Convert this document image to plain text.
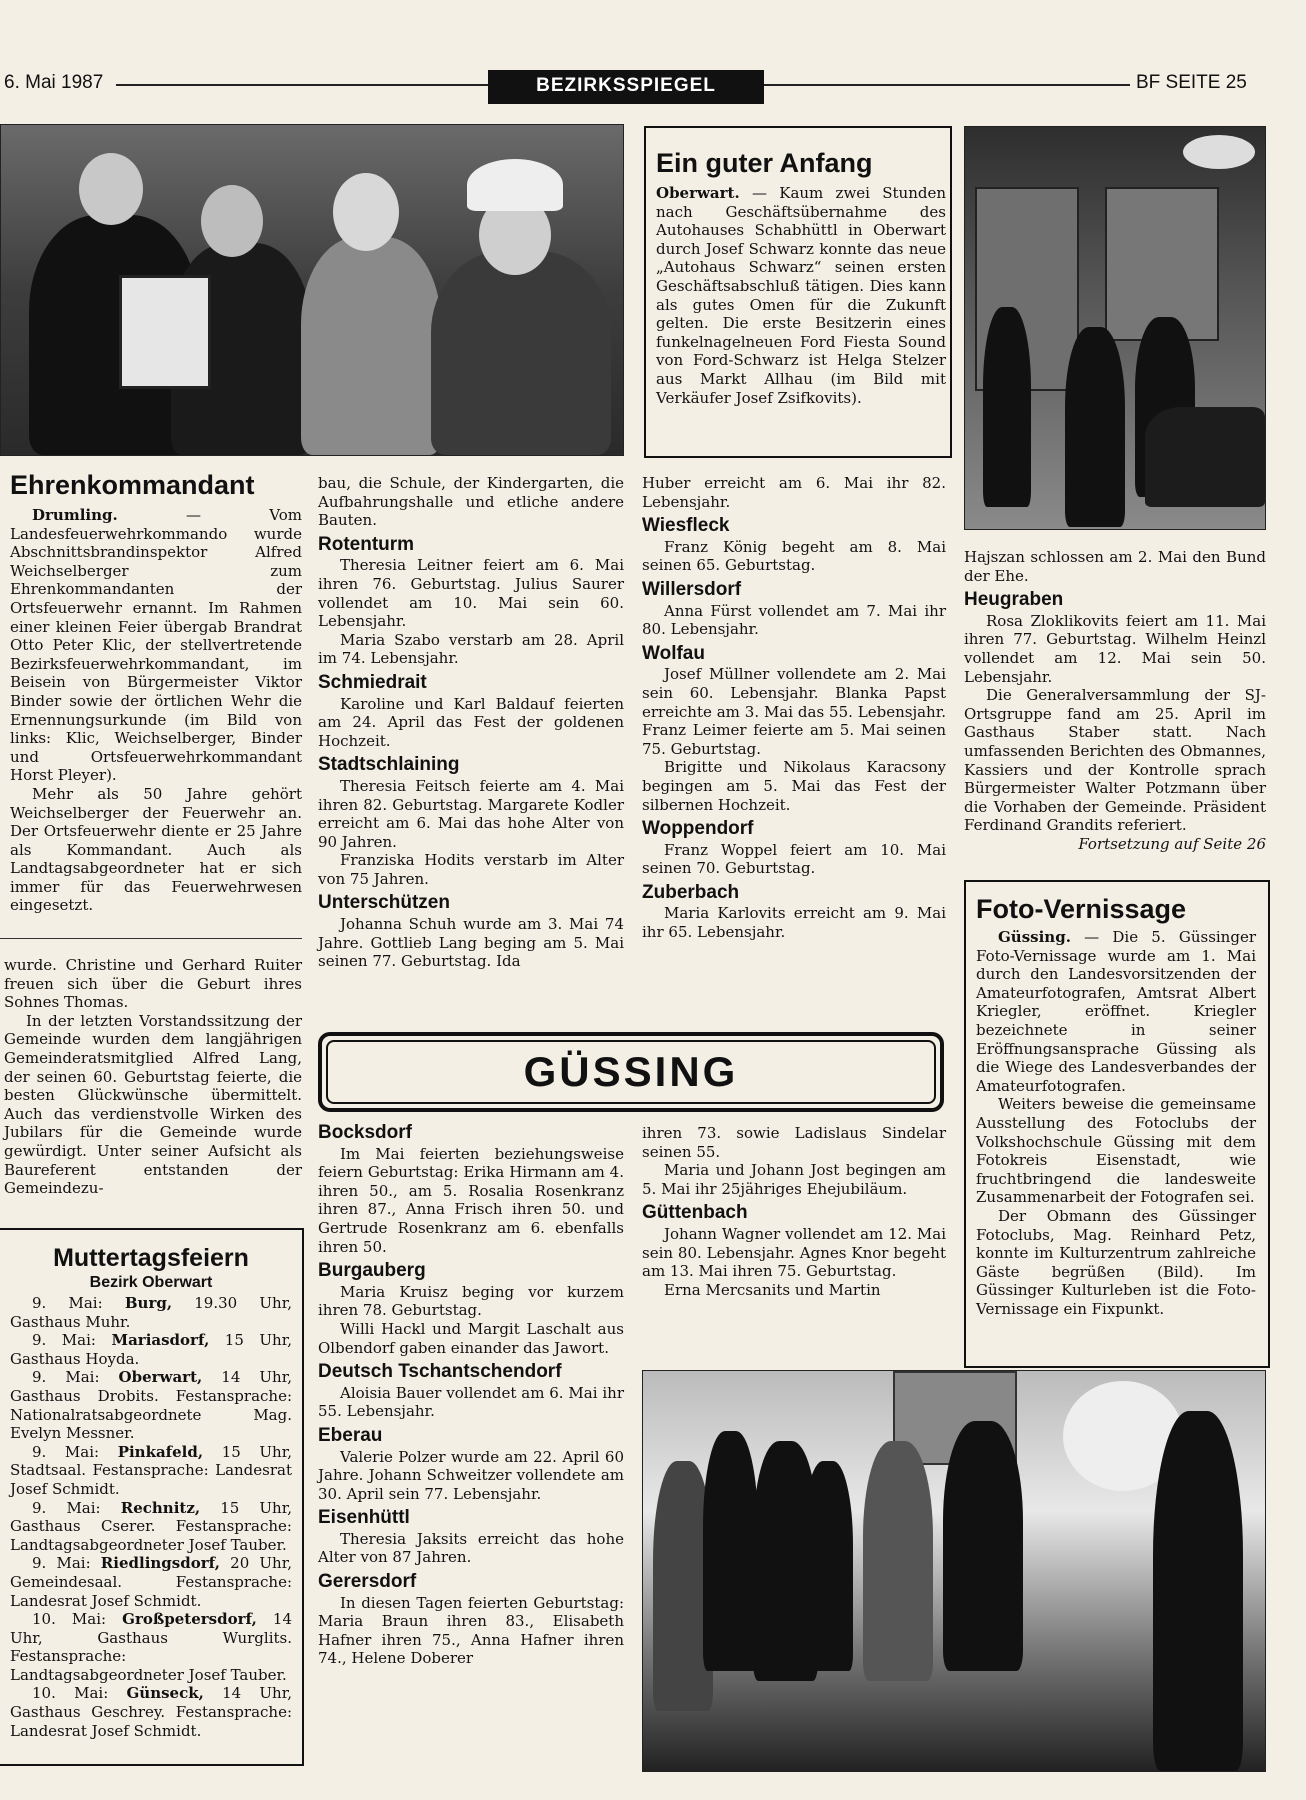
6. Mai 1987	BEZIRKSSPIEGEL	BF SEITE 25
Ein guter Anfang

Oberwart. — Kaum zwei Stunden nach Geschäftsübernahme des Autohauses Schabhüttl in Oberwart durch Josef Schwarz konnte das neue „Autohaus Schwarz“ seinen ersten Geschäftsabschluß tätigen. Dies kann als gutes Omen für die Zukunft gelten. Die erste Besitzerin eines funkelnagelneuen Ford Fiesta Sound von Ford-Schwarz ist Helga Stelzer aus Markt Allhau (im Bild mit Verkäufer Josef Zsifkovits).

Ehrenkommandant

Drumling. — Vom Landesfeuerwehrkommando wurde Abschnittsbrandinspektor Alfred Weichselberger zum Ehrenkommandanten der Ortsfeuerwehr ernannt. Im Rahmen einer kleinen Feier übergab Brandrat Otto Peter Klic, der stellvertretende Bezirksfeuerwehrkommandant, im Beisein von Bürgermeister Viktor Binder sowie der örtlichen Wehr die Ernennungsurkunde (im Bild von links: Klic, Weichselberger, Binder und Ortsfeuerwehrkommandant Horst Pleyer).

Mehr als 50 Jahre gehört Weichselberger der Feuerwehr an. Der Ortsfeuerwehr diente er 25 Jahre als Kommandant. Auch als Landtagsabgeordneter hat er sich immer für das Feuerwehrwesen eingesetzt.

wurde. Christine und Gerhard Ruiter freuen sich über die Geburt ihres Sohnes Thomas.

In der letzten Vorstandssitzung der Gemeinde wurden dem langjährigen Gemeinderatsmitglied Alfred Lang, der seinen 60. Geburtstag feierte, die besten Glückwünsche übermittelt. Auch das verdienstvolle Wirken des Jubilars für die Gemeinde wurde gewürdigt. Unter seiner Aufsicht als Baureferent entstanden der Gemeindezu-

Muttertagsfeiern
Bezirk Oberwart

9. Mai: Burg, 19.30 Uhr, Gasthaus Muhr.

9. Mai: Mariasdorf, 15 Uhr, Gasthaus Hoyda.

9. Mai: Oberwart, 14 Uhr, Gasthaus Drobits. Festansprache: Nationalratsabgeordnete Mag. Evelyn Messner.

9. Mai: Pinkafeld, 15 Uhr, Stadtsaal. Festansprache: Landesrat Josef Schmidt.

9. Mai: Rechnitz, 15 Uhr, Gasthaus Cserer. Festansprache: Landtagsabgeordneter Josef Tauber.

9. Mai: Riedlingsdorf, 20 Uhr, Gemeindesaal. Festansprache: Landesrat Josef Schmidt.

10. Mai: Großpetersdorf, 14 Uhr, Gasthaus Wurglits. Festansprache: Landtagsabgeordneter Josef Tauber.

10. Mai: Günseck, 14 Uhr, Gasthaus Geschrey. Festansprache: Landesrat Josef Schmidt.

bau, die Schule, der Kindergarten, die Aufbahrungshalle und etliche andere Bauten.

Rotenturm

Theresia Leitner feiert am 6. Mai ihren 76. Geburtstag. Julius Saurer vollendet am 10. Mai sein 60. Lebensjahr.

Maria Szabo verstarb am 28. April im 74. Lebensjahr.

Schmiedrait

Karoline und Karl Baldauf feierten am 24. April das Fest der goldenen Hochzeit.

Stadtschlaining

Theresia Feitsch feierte am 4. Mai ihren 82. Geburtstag. Margarete Kodler erreicht am 6. Mai das hohe Alter von 90 Jahren.

Franziska Hodits verstarb im Alter von 75 Jahren.

Unterschützen

Johanna Schuh wurde am 3. Mai 74 Jahre. Gottlieb Lang beging am 5. Mai seinen 77. Geburtstag. Ida

Huber erreicht am 6. Mai ihr 82. Lebensjahr.

Wiesfleck

Franz König begeht am 8. Mai seinen 65. Geburtstag.

Willersdorf

Anna Fürst vollendet am 7. Mai ihr 80. Lebensjahr.

Wolfau

Josef Müllner vollendete am 2. Mai sein 60. Lebensjahr. Blanka Papst erreichte am 3. Mai das 55. Lebensjahr. Franz Leimer feierte am 5. Mai seinen 75. Geburtstag.

Brigitte und Nikolaus Karacsony begingen am 5. Mai das Fest der silbernen Hochzeit.

Woppendorf

Franz Woppel feiert am 10. Mai seinen 70. Geburtstag.

Zuberbach

Maria Karlovits erreicht am 9. Mai ihr 65. Lebensjahr.

Hajszan schlossen am 2. Mai den Bund der Ehe.

Heugraben

Rosa Zloklikovits feiert am 11. Mai ihren 77. Geburtstag. Wilhelm Heinzl vollendet am 12. Mai sein 50. Lebensjahr.

Die Generalversammlung der SJ-Ortsgruppe fand am 25. April im Gasthaus Staber statt. Nach umfassenden Berichten des Obmannes, Kassiers und der Kontrolle sprach Bürgermeister Walter Potzmann über die Vorhaben der Gemeinde. Präsident Ferdinand Grandits referiert.

Fortsetzung auf Seite 26
Foto-Vernissage

Güssing. — Die 5. Güssinger Foto-Vernissage wurde am 1. Mai durch den Landesvorsitzenden der Amateurfotografen, Amtsrat Albert Kriegler, eröffnet. Kriegler bezeichnete in seiner Eröffnungsansprache Güssing als die Wiege des Landesverbandes der Amateurfotografen.

Weiters beweise die gemeinsame Ausstellung des Fotoclubs der Volkshochschule Güssing mit dem Fotokreis Eisenstadt, wie fruchtbringend die landesweite Zusammenarbeit der Fotografen sei.

Der Obmann des Güssinger Fotoclubs, Mag. Reinhard Petz, konnte im Kulturzentrum zahlreiche Gäste begrüßen (Bild). Im Güssinger Kulturleben ist die Foto-Vernissage ein Fixpunkt.

GÜSSING
Bocksdorf

Im Mai feierten beziehungsweise feiern Geburtstag: Erika Hirmann am 4. ihren 50., am 5. Rosalia Rosenkranz ihren 87., Anna Frisch ihren 50. und Gertrude Rosenkranz am 6. ebenfalls ihren 50.

Burgauberg

Maria Kruisz beging vor kurzem ihren 78. Geburtstag.

Willi Hackl und Margit Laschalt aus Olbendorf gaben einander das Jawort.

Deutsch Tschantschendorf

Aloisia Bauer vollendet am 6. Mai ihr 55. Lebensjahr.

Eberau

Valerie Polzer wurde am 22. April 60 Jahre. Johann Schweitzer vollendete am 30. April sein 77. Lebensjahr.

Eisenhüttl

Theresia Jaksits erreicht das hohe Alter von 87 Jahren.

Gerersdorf

In diesen Tagen feierten Geburtstag: Maria Braun ihren 83., Elisabeth Hafner ihren 75., Anna Hafner ihren 74., Helene Doberer

ihren 73. sowie Ladislaus Sindelar seinen 55.

Maria und Johann Jost begingen am 5. Mai ihr 25jähriges Ehejubiläum.

Güttenbach

Johann Wagner vollendet am 12. Mai sein 80. Lebensjahr. Agnes Knor begeht am 13. Mai ihren 75. Geburtstag.

Erna Mercsanits und Martin
